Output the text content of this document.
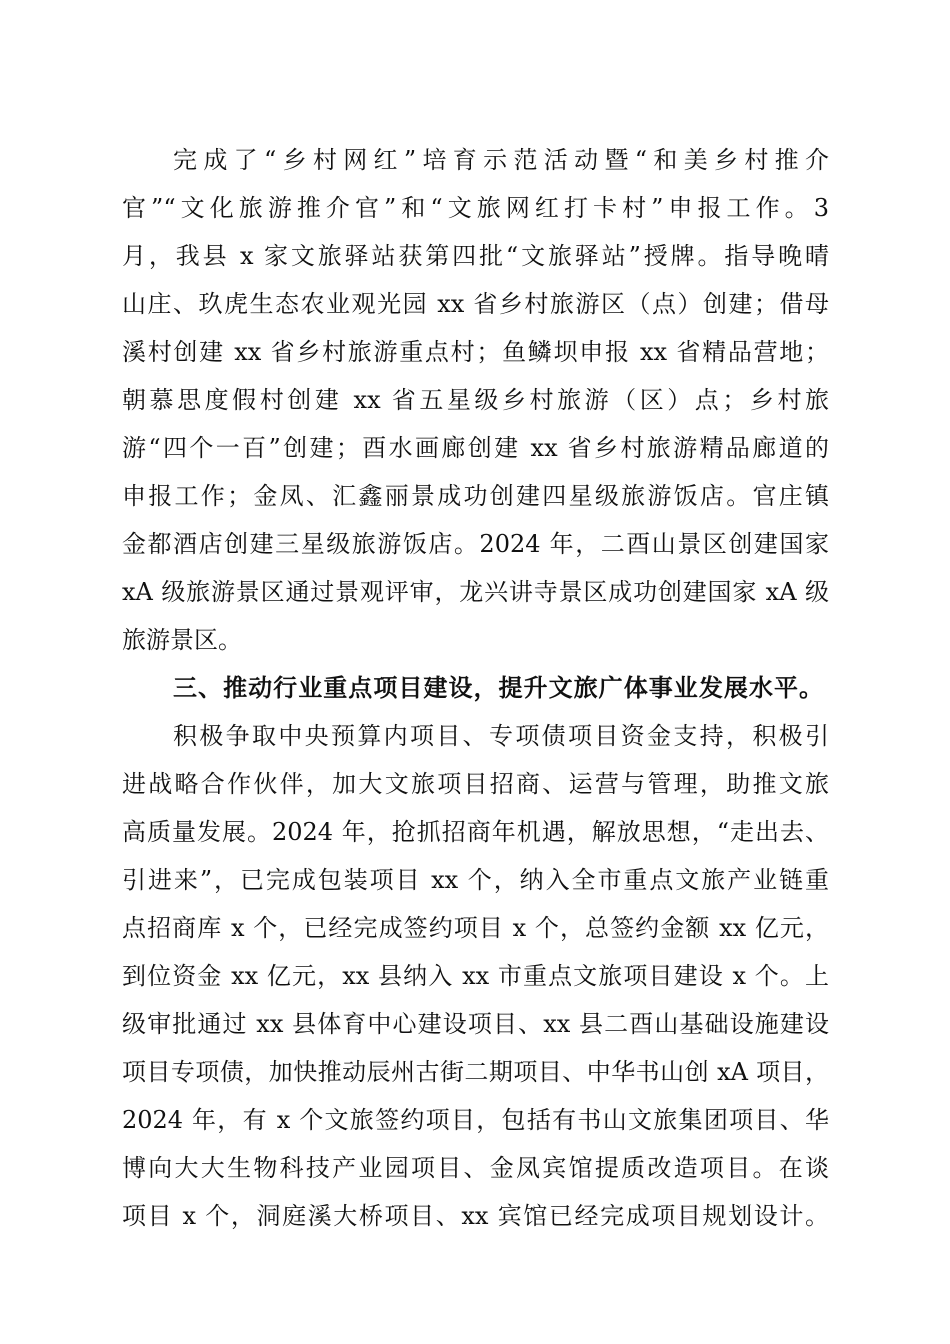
完成了“乡村网红”培育示范活动暨“和美乡村推介
官”“文化旅游推介官”和“文旅网红打卡村”申报工作。3
月，我县 x 家文旅驿站获第四批“文旅驿站”授牌。指导晚晴
山庄、玖虎生态农业观光园 xx 省乡村旅游区（点）创建；借母
溪村创建 xx 省乡村旅游重点村；鱼鳞坝申报 xx 省精品营地；
朝慕思度假村创建 xx 省五星级乡村旅游（区）点；乡村旅
游“四个一百”创建；酉水画廊创建 xx 省乡村旅游精品廊道的
申报工作；金凤、汇鑫丽景成功创建四星级旅游饭店。官庄镇
金都酒店创建三星级旅游饭店。2024 年，二酉山景区创建国家
xA 级旅游景区通过景观评审，龙兴讲寺景区成功创建国家 xA 级
旅游景区。
三、推动行业重点项目建设，提升文旅广体事业发展水平。
积极争取中央预算内项目、专项债项目资金支持，积极引
进战略合作伙伴，加大文旅项目招商、运营与管理，助推文旅
高质量发展。2024 年，抢抓招商年机遇，解放思想，“走出去、
引进来”，已完成包装项目 xx 个，纳入全市重点文旅产业链重
点招商库 x 个，已经完成签约项目 x 个，总签约金额 xx 亿元，
到位资金 xx 亿元，xx 县纳入 xx 市重点文旅项目建设 x 个。上
级审批通过 xx 县体育中心建设项目、xx 县二酉山基础设施建设
项目专项债，加快推动辰州古街二期项目、中华书山创 xA 项目，
2024 年，有 x 个文旅签约项目，包括有书山文旅集团项目、华
博向大大生物科技产业园项目、金凤宾馆提质改造项目。在谈
项目 x 个，洞庭溪大桥项目、xx 宾馆已经完成项目规划设计。
